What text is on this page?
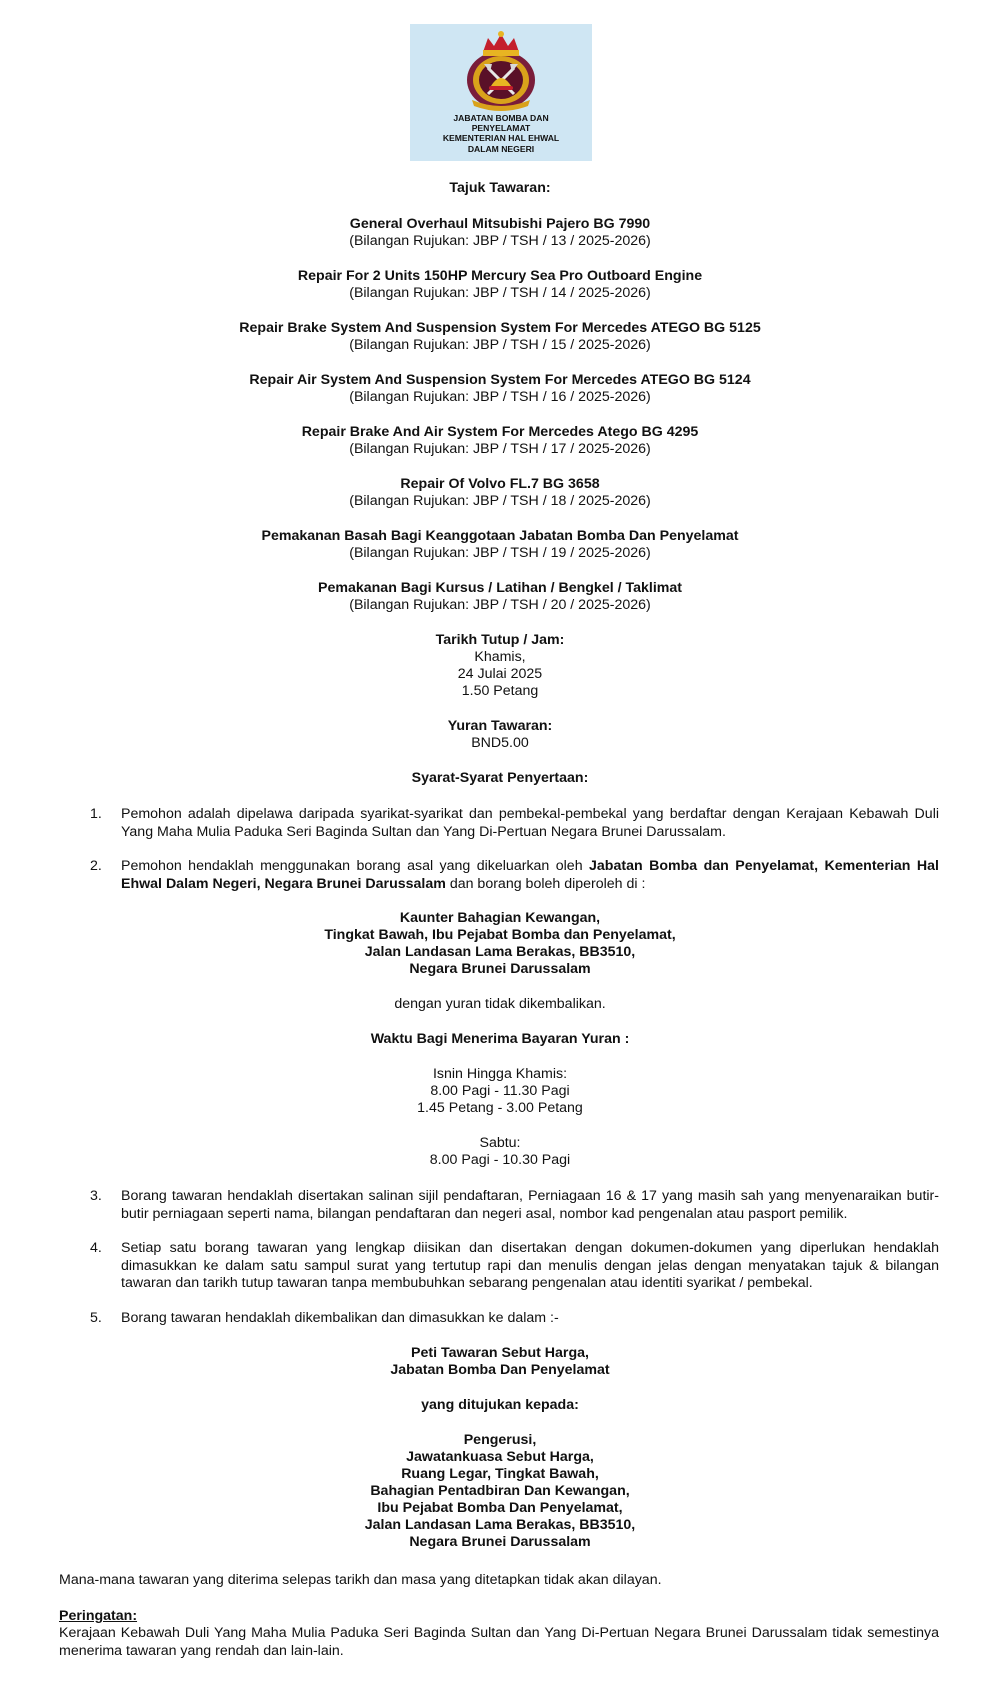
JABATAN BOMBA DAN
PENYELAMAT
KEMENTERIAN HAL EHWAL
DALAM NEGERI
Tajuk Tawaran:
General Overhaul Mitsubishi Pajero BG 7990
(Bilangan Rujukan: JBP / TSH / 13 / 2025-2026)
Repair For 2 Units 150HP Mercury Sea Pro Outboard Engine
(Bilangan Rujukan: JBP / TSH / 14 / 2025-2026)
Repair Brake System And Suspension System For Mercedes ATEGO BG 5125
(Bilangan Rujukan: JBP / TSH / 15 / 2025-2026)
Repair Air System And Suspension System For Mercedes ATEGO BG 5124
(Bilangan Rujukan: JBP / TSH / 16 / 2025-2026)
Repair Brake And Air System For Mercedes Atego BG 4295
(Bilangan Rujukan: JBP / TSH / 17 / 2025-2026)
Repair Of Volvo FL.7 BG 3658
(Bilangan Rujukan: JBP / TSH / 18 / 2025-2026)
Pemakanan Basah Bagi Keanggotaan Jabatan Bomba Dan Penyelamat
(Bilangan Rujukan: JBP / TSH / 19 / 2025-2026)
Pemakanan Bagi Kursus / Latihan / Bengkel / Taklimat
(Bilangan Rujukan: JBP / TSH / 20 / 2025-2026)
Tarikh Tutup / Jam:
Khamis,
24 Julai 2025
1.50 Petang
Yuran Tawaran:
BND5.00
Syarat-Syarat Penyertaan:
1. Pemohon adalah dipelawa daripada syarikat-syarikat dan pembekal-pembekal yang berdaftar dengan Kerajaan Kebawah Duli Yang Maha Mulia Paduka Seri Baginda Sultan dan Yang Di-Pertuan Negara Brunei Darussalam.
2. Pemohon hendaklah menggunakan borang asal yang dikeluarkan oleh Jabatan Bomba dan Penyelamat, Kementerian Hal Ehwal Dalam Negeri, Negara Brunei Darussalam dan borang boleh diperoleh di :
Kaunter Bahagian Kewangan,
Tingkat Bawah, Ibu Pejabat Bomba dan Penyelamat,
Jalan Landasan Lama Berakas, BB3510,
Negara Brunei Darussalam
dengan yuran tidak dikembalikan.
Waktu Bagi Menerima Bayaran Yuran :
Isnin Hingga Khamis:
8.00 Pagi - 11.30 Pagi
1.45 Petang - 3.00 Petang
Sabtu:
8.00 Pagi - 10.30 Pagi
3. Borang tawaran hendaklah disertakan salinan sijil pendaftaran, Perniagaan 16 & 17 yang masih sah yang menyenaraikan butir-butir perniagaan seperti nama, bilangan pendaftaran dan negeri asal, nombor kad pengenalan atau pasport pemilik.
4. Setiap satu borang tawaran yang lengkap diisikan dan disertakan dengan dokumen-dokumen yang diperlukan hendaklah dimasukkan ke dalam satu sampul surat yang tertutup rapi dan menulis dengan jelas dengan menyatakan tajuk & bilangan tawaran dan tarikh tutup tawaran tanpa membubuhkan sebarang pengenalan atau identiti syarikat / pembekal.
5. Borang tawaran hendaklah dikembalikan dan dimasukkan ke dalam :-
Peti Tawaran Sebut Harga,
Jabatan Bomba Dan Penyelamat
yang ditujukan kepada:
Pengerusi,
Jawatankuasa Sebut Harga,
Ruang Legar, Tingkat Bawah,
Bahagian Pentadbiran Dan Kewangan,
Ibu Pejabat Bomba Dan Penyelamat,
Jalan Landasan Lama Berakas, BB3510,
Negara Brunei Darussalam
Mana-mana tawaran yang diterima selepas tarikh dan masa yang ditetapkan tidak akan dilayan.
Peringatan:
Kerajaan Kebawah Duli Yang Maha Mulia Paduka Seri Baginda Sultan dan Yang Di-Pertuan Negara Brunei Darussalam tidak semestinya menerima tawaran yang rendah dan lain-lain.
